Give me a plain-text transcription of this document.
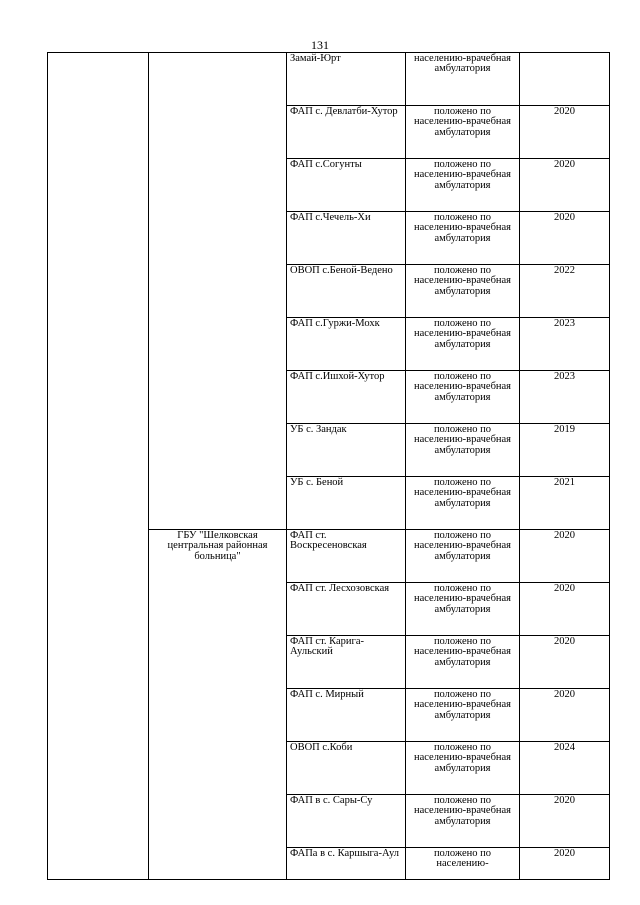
131
		Замай-Юрт	населению-врачебная амбулатория	
		ФАП с. Девлатби-Хутор	положено по населению-врачебная амбулатория	2020
		ФАП с.Согунты	положено по населению-врачебная амбулатория	2020
		ФАП с.Чечель-Хи	положено по населению-врачебная амбулатория	2020
		ОВОП с.Беной-Ведено	положено по населению-врачебная амбулатория	2022
		ФАП с.Гуржи-Мохк	положено по населению-врачебная амбулатория	2023
		ФАП с.Ишхой-Хутор	положено по населению-врачебная амбулатория	2023
		УБ с. Зандак	положено по населению-врачебная амбулатория	2019
		УБ с. Беной	положено по населению-врачебная амбулатория	2021
	ГБУ "Шелковская центральная районная больница"	ФАП ст. Воскресеновская	положено по населению-врачебная амбулатория	2020
		ФАП ст. Лесхозовская	положено по населению-врачебная амбулатория	2020
		ФАП ст. Карига-Аульский	положено по населению-врачебная амбулатория	2020
		ФАП с. Мирный	положено по населению-врачебная амбулатория	2020
		ОВОП с.Коби	положено по населению-врачебная амбулатория	2024
		ФАП в с. Сары-Су	положено по населению-врачебная амбулатория	2020
		ФАПа в с. Каршыга-Аул	положено по населению-	2020
